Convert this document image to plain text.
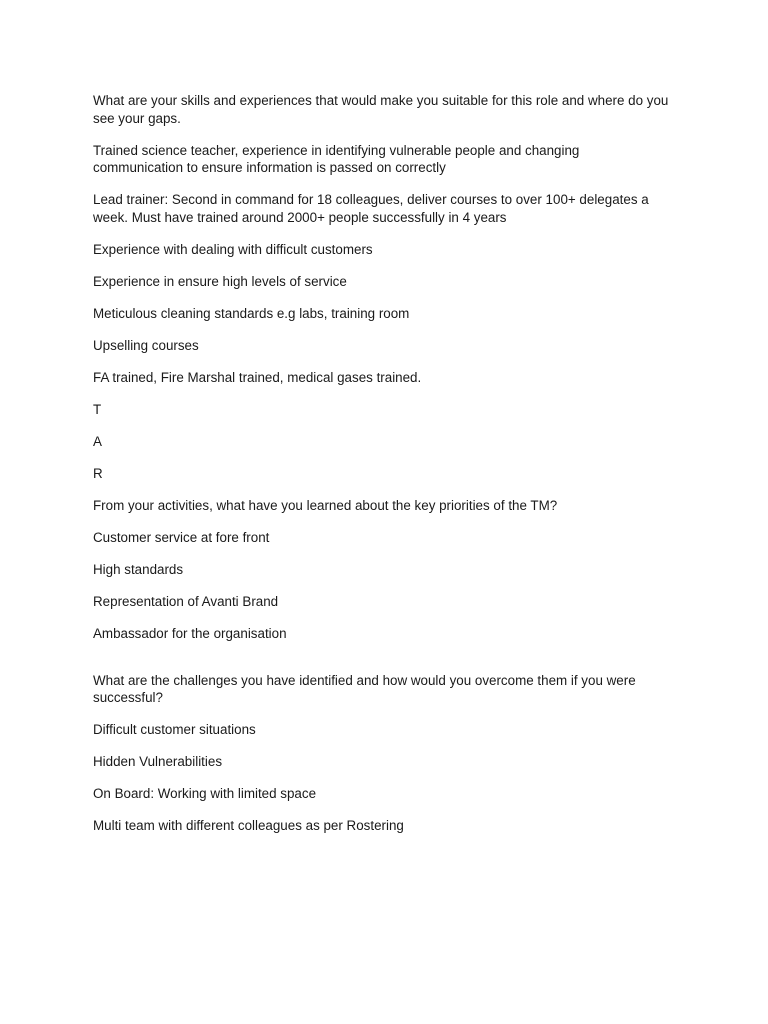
What are your skills and experiences that would make you suitable for this role and where do you see your gaps.

Trained science teacher, experience in identifying vulnerable people and changing communication to ensure information is passed on correctly

Lead trainer: Second in command for 18 colleagues, deliver courses to over 100+ delegates a week. Must have trained around 2000+ people successfully in 4 years

Experience with dealing with difficult customers

Experience in ensure high levels of service

Meticulous cleaning standards e.g labs, training room

Upselling courses

FA trained, Fire Marshal trained, medical gases trained.

T

A

R

From your activities, what have you learned about the key priorities of the TM?

Customer service at fore front

High standards

Representation of Avanti Brand

Ambassador for the organisation

What are the challenges you have identified and how would you overcome them if you were successful?

Difficult customer situations

Hidden Vulnerabilities

On Board: Working with limited space

Multi team with different colleagues as per Rostering
